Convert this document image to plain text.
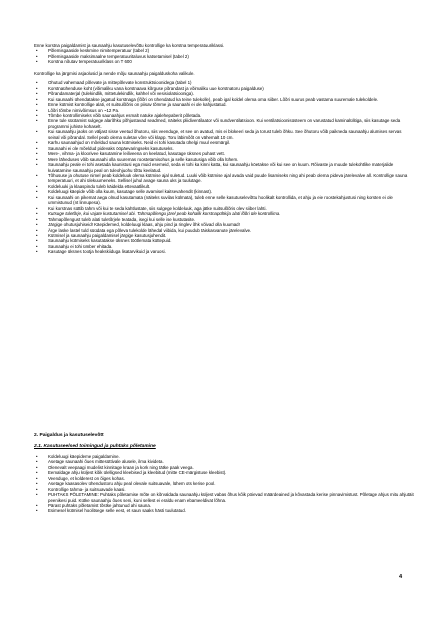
Enne korstna paigaldamist ja saunaahju kasutuselevõttu kontrollige ka korstna temperatuuriklassi.

• Põlemisgaaside keskmine nimitemperatuur (tabel 2)
• Põlemisgaaside maksimaalne temperatuuritaluvus katsetamisel (tabel 2)
• Korstna nõutav temperatuuriklass on T 600

Kontrollige ka järgmisi asjaolusid ja nende mõju saunaahju paigalduskoha valikule.

• Ohutud vahemaad põlevate ja mittepõlevate konstruktsioonidega (tabel 1)
• Korstnaühenduse koht (võimaliku vana korstnaava kõrguse põrandast ja võimaliku uue korstnatoru paigalduse)
• Põrandamaterjal (tulekindlik, mittetulekindlik, kahhel või vesisiolatsiooniga).
• Kui saunaahi ühendatakse jagatud korstnaga (lõõri on ühendatud ka teine tulekolle), peab igal koldel olema oma siiber. Lõõri suurus peab vastama suuremale tulekoldele.
• Enne kütmist kontrollige alati, et suitsulõõris on piisav tõmme ja saunaahi ei ole kahjustatud.
• Lõõri tõmbe nimivõimsus on ~12 Pa.
• Tõmbe kontrollimiseks võib saunaahjus esmalt natuke ajalehepaberit põletada.
• Enne tule süütamist sulgege alarõhku põhjustavad seadmed, näiteks pliidiventilaator või sundventilatsioon. Kui ventilatsioonisüsteem on varustatud kaminalülitiga, siis kasutage seda programmi juhiste kohaselt.
• Kui saunaahju jaoks on väljast sisse veetud õhutoru, siis veenduge, et see on avatud, mis ei blokeeri seda ja torust tuleb õhku. See õhutoru võib paikneda saunaahju alumises servas seinal või põrandal. Sellel peab olema suletav võre või klapp. Toru läbimõõt on vähemalt 10 cm.
• Karhu saunaahjud on mõeldud sauna kütmiseks. Neid ei tohi kasutada ühelgi muul eesmärgil.
• Saunaahi ei ole mõeldud pidevaks ööpäevaringseks kasutuseks.
• Mere-, vihma- ja kloorivee kasutamine leiliveena on keelatud, kasutage üksnes puhast vett.
• Mere läheduses võib saunaahi olla suuremas roostetamisohus ja selle kasutusiga võib olla lühem.
• Saunaahju peale ei tohi asetada kaunistusi ega muid esemeid, seda ei tohi ka kinni katta, kui saunaahju köetakse või kui see on kuum. Rõivaste ja muude tulekohtlike materjalide kuivatamine saunaahju peal on tuleohjuohu tõttu keelatud.
• Tõhususe ja ohutuse nimel peab koldeluuk olema kütmise ajal suletud. Luuki võib kütmise ajal avada vaid puude lisamiseks ning ahi peab olema pideva järelevalve all. Kontrollige sauna temperatuuri, et ahi ülekuumeneks. Sellisel juhul avage sauna uks ja tuulutage.
• Koldeluuki ja klaaspindu tuleb käidelda ettevaatlikult.
• Koldeluugi käepide võib olla kuum, kasutage selle avamisel kaitsevahendit (kinnast).
• Kui saunaahi on pikemat aega olnud kasutamata (näiteks suvilas külmata), tuleb enne selle kasutuselevõttu hoolikalt kontrollida, et ahju ja eie roostekahjustusi ning korsten ei ole ummistunud (nt linnupesa).
• Kui korstnas süttib tahm või kui te seda kahtlustate, siis sulgege koldeluuk, aga jätke suitsulõõris olev siiber lahti.
• Kutsuge tuletõrje, kui vajate kustutamisel abi. Tahmapõlengu järel peab kohalik korstnapühkija alati lõõri üle kontrollima.
• Tahmapõlengust tuleb alati tuletõrjele teatada, isegi kui selle ise kustutasite.
• Järgige ohutusjuhiseid! Käepidemed, koldeluugi klaas, ahju pind ja ringlev õhk võivad olla kuumad!
• Ärge laske lastel tuld süüdata ega põleva tulekolde lähedal viibida, kui puudub täiskasvanute järelevalve.
• Kütmisel ja saunaahju paigaldamisel järgige kasutusjuhendit.
• Saunaahju kütmiseks kasutatakse üksnes töötlemata küttepuid.
• Saunaahju ei tohi ümber ehitada.
• Kasutage üksnes tootja heakskiiduga lisatarvikuid ja varuosi.

2. Paigaldus ja kasutuselevõtt

2.1. Kasutuseelsed toimingud ja puhtaks põletamine

• Koldeluugi käepideme paigaldamine.
• Asetage saunaahi õues mittesüttivale alusele, ilma kivideta.
• Olenevalt veepaagi mudelist kinnitage kraan ja kork ning tätke paak veega.
• Eemaldage ahju küljest kõik ülelligsed kleebised ja kleebitud (mitte CE-märgistuse kleebist).
• Veenduge, et kolderest on õiges kohas.
• Asetage kaasasolev ühendustoru ahju peal olevale suitsuavale, lühem ots kerise pool.
• Kontrollige tahma- ja suitsuavade kaasi.
• PUHTAKS PÕLETAMINE: Puhtaks põletamise mõte on kõrvaldada saunaahju küljest vabas õhus kõik pöievad määrdeained ja kõvastada kerise pinnavimistust. Põletage ahjus mitu ahjutäit peenikesi puid. Kütke saunaahju õues seni, kuni sellest ei eraldu enam ebameeldivat lõhna.
• Pärast puhtaks põletamist tõstke jahtunud ahi sauna.
• Esimesel kütmisel hoolitsege selle eest, et saun saaks hästi tuulutatud.
4
